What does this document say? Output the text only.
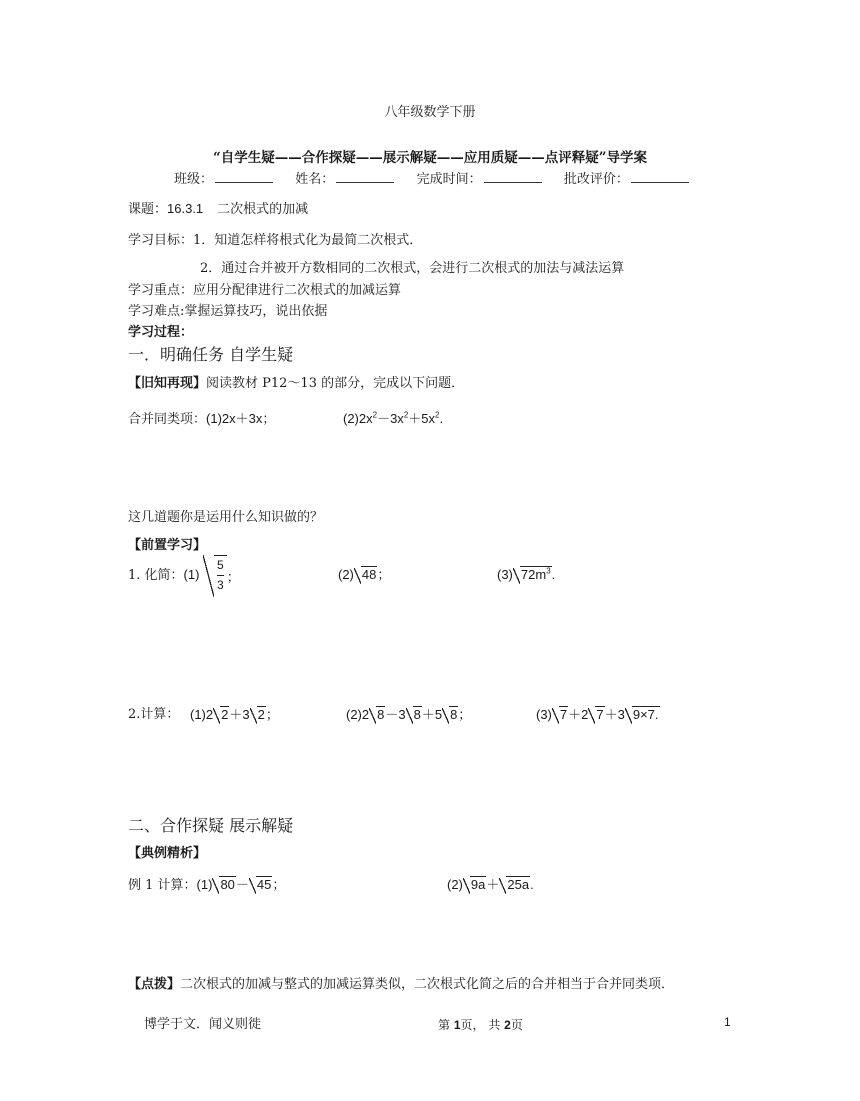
八年级数学下册
“自学生疑——合作探疑——展示解疑——应用质疑——点评释疑”导学案
班级：	姓名：	完成时间：	批改评价：
课题：16.3.1 二次根式的加减
学习目标：1．知道怎样将根式化为最简二次根式．
2．通过合并被开方数相同的二次根式，会进行二次根式的加法与减法运算
学习重点：应用分配律进行二次根式的加减运算
学习难点:掌握运算技巧，说出依据
学习过程：
一．明确任务 自学生疑
【旧知再现】阅读教材 P12～13 的部分，完成以下问题．
合并同类项：(1)2x＋3x；	$(2)2x^2-3x^2+5x^2$.
这几道题你是运用什么知识做的？
【前置学习】
1. 化简：$(1) \frac{5}{3}$ ；	(2) 48；	(3) $72m^3$.
2.计算： (1)2 2＋3 2；	(2)2 8－3 8＋5 8；	(3) 7＋2 7＋3 9×7.
二、合作探疑 展示解疑
【典例精析】
例 1 计算：(1) 80－ 45；	(2) 9a＋ 25a.
【点拨】二次根式的加减与整式的加减运算类似，二次根式化简之后的合并相当于合并同类项．
博学于文．闻义则徙	第 1页， 共 2页	1
